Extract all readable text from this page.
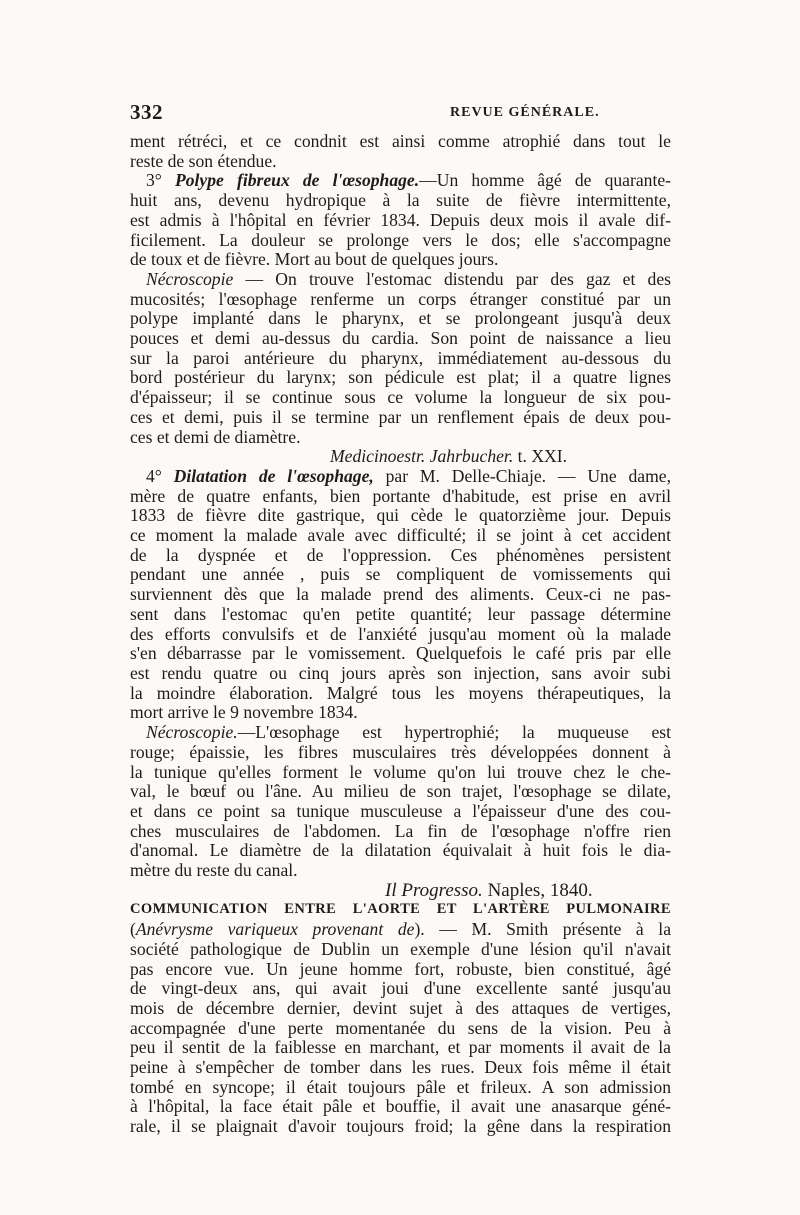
332	REVUE GÉNÉRALE.
ment rétréci, et ce condnit est ainsi comme atrophié dans tout le
reste de son étendue.
3° Polype fibreux de l'œsophage.—Un homme âgé de quarante-
huit ans, devenu hydropique à la suite de fièvre intermittente,
est admis à l'hôpital en février 1834. Depuis deux mois il avale dif-
ficilement. La douleur se prolonge vers le dos; elle s'accompagne
de toux et de fièvre. Mort au bout de quelques jours.
Nécroscopie — On trouve l'estomac distendu par des gaz et des
mucosités; l'œsophage renferme un corps étranger constitué par un
polype implanté dans le pharynx, et se prolongeant jusqu'à deux
pouces et demi au-dessus du cardia. Son point de naissance a lieu
sur la paroi antérieure du pharynx, immédiatement au-dessous du
bord postérieur du larynx; son pédicule est plat; il a quatre lignes
d'épaisseur; il se continue sous ce volume la longueur de six pou-
ces et demi, puis il se termine par un renflement épais de deux pou-
ces et demi de diamètre.
Medicinoestr. Jahrbucher. t. XXI.
4° Dilatation de l'œsophage, par M. Delle-Chiaje. — Une dame,
mère de quatre enfants, bien portante d'habitude, est prise en avril
1833 de fièvre dite gastrique, qui cède le quatorzième jour. Depuis
ce moment la malade avale avec difficulté; il se joint à cet accident
de la dyspnée et de l'oppression. Ces phénomènes persistent
pendant une année , puis se compliquent de vomissements qui
surviennent dès que la malade prend des aliments. Ceux-ci ne pas-
sent dans l'estomac qu'en petite quantité; leur passage détermine
des efforts convulsifs et de l'anxiété jusqu'au moment où la malade
s'en débarrasse par le vomissement. Quelquefois le café pris par elle
est rendu quatre ou cinq jours après son injection, sans avoir subi
la moindre élaboration. Malgré tous les moyens thérapeutiques, la
mort arrive le 9 novembre 1834.
Nécroscopie.—L'œsophage est hypertrophié; la muqueuse est
rouge; épaissie, les fibres musculaires très développées donnent à
la tunique qu'elles forment le volume qu'on lui trouve chez le che-
val, le bœuf ou l'âne. Au milieu de son trajet, l'œsophage se dilate,
et dans ce point sa tunique musculeuse a l'épaisseur d'une des cou-
ches musculaires de l'abdomen. La fin de l'œsophage n'offre rien
d'anomal. Le diamètre de la dilatation équivalait à huit fois le dia-
mètre du reste du canal.
Il Progresso. Naples, 1840.
COMMUNICATION ENTRE L'AORTE ET L'ARTÈRE PULMONAIRE
(Anévrysme variqueux provenant de). — M. Smith présente à la
société pathologique de Dublin un exemple d'une lésion qu'il n'avait
pas encore vue. Un jeune homme fort, robuste, bien constitué, âgé
de vingt-deux ans, qui avait joui d'une excellente santé jusqu'au
mois de décembre dernier, devint sujet à des attaques de vertiges,
accompagnée d'une perte momentanée du sens de la vision. Peu à
peu il sentit de la faiblesse en marchant, et par moments il avait de la
peine à s'empêcher de tomber dans les rues. Deux fois même il était
tombé en syncope; il était toujours pâle et frileux. A son admission
à l'hôpital, la face était pâle et bouffie, il avait une anasarque géné-
rale, il se plaignait d'avoir toujours froid; la gêne dans la respiration
